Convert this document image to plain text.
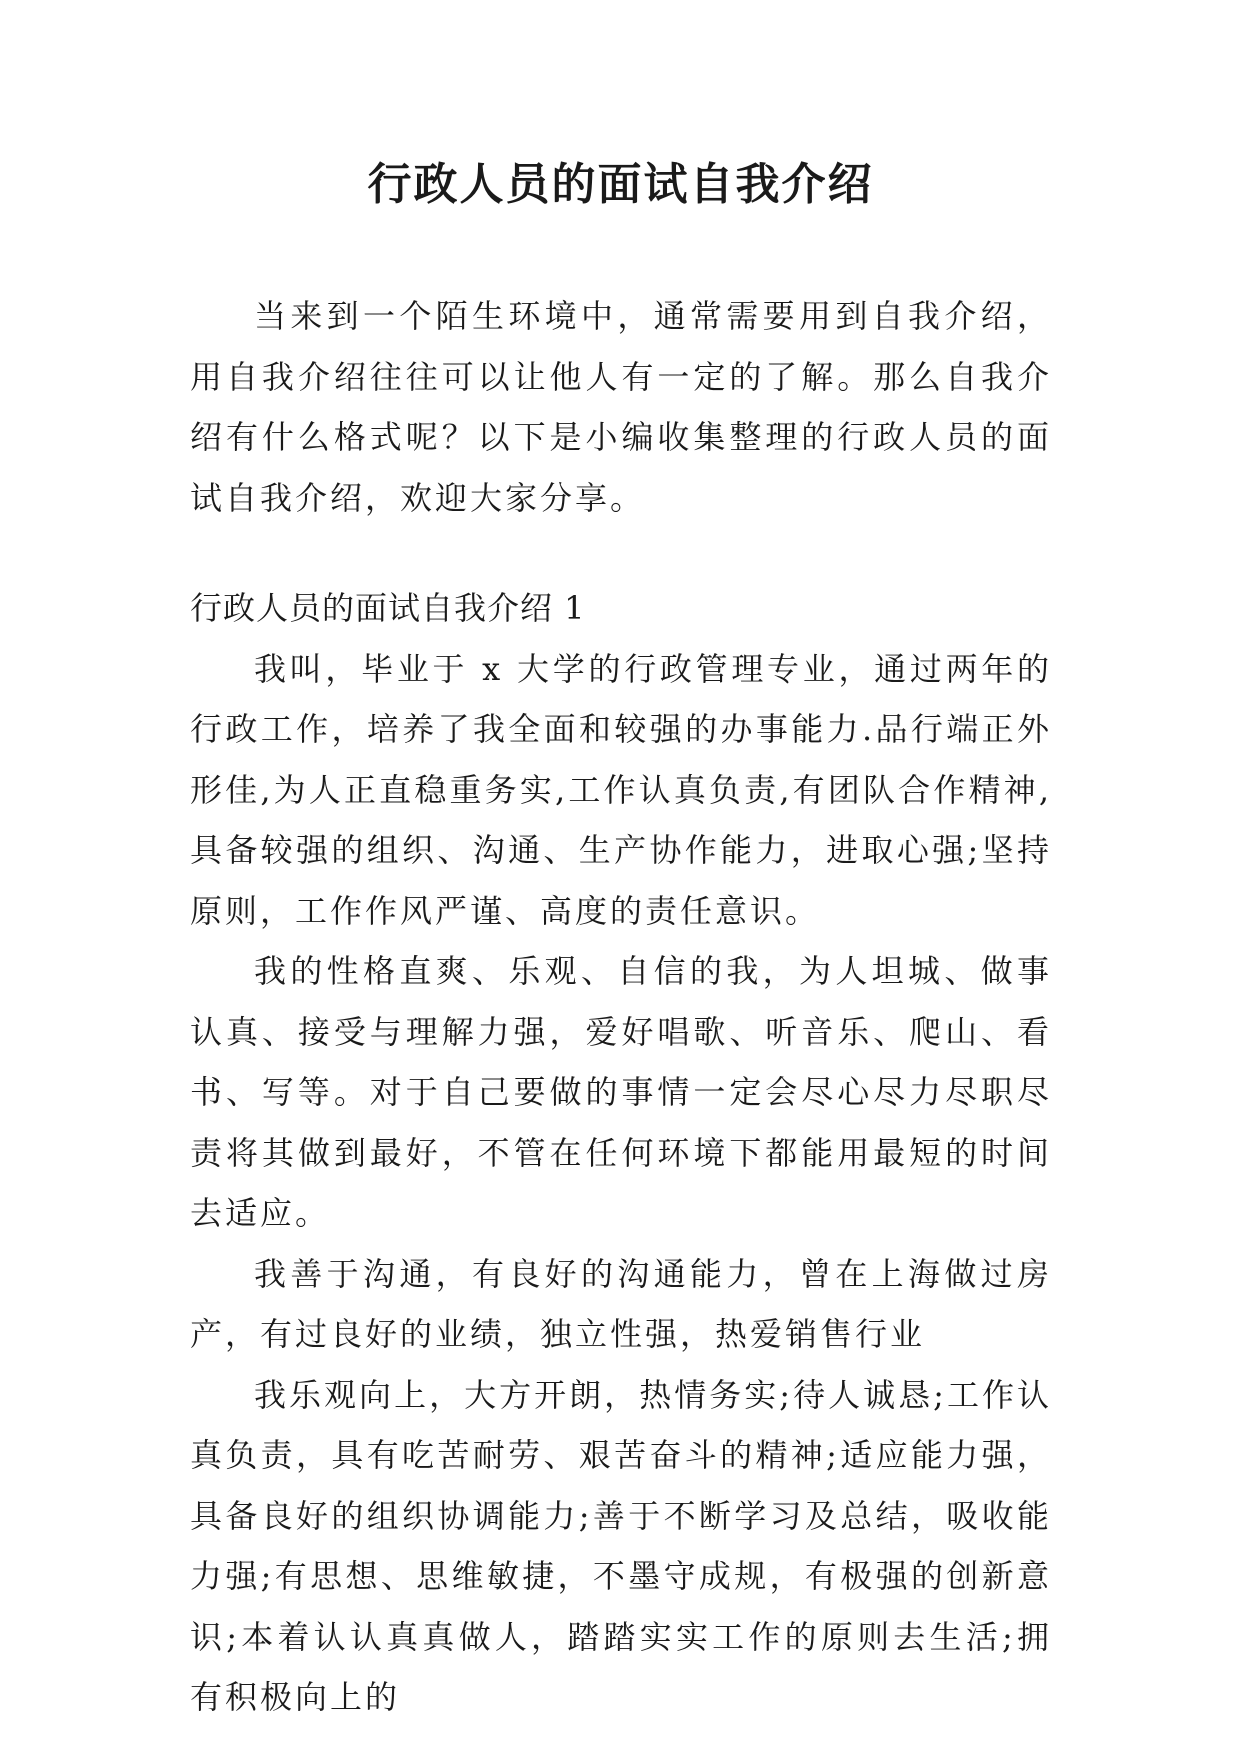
行政人员的面试自我介绍

当来到一个陌生环境中，通常需要用到自我介绍，用自我介绍往往可以让他人有一定的了解。那么自我介绍有什么格式呢？以下是小编收集整理的行政人员的面试自我介绍，欢迎大家分享。

行政人员的面试自我介绍 1

我叫，毕业于 x 大学的行政管理专业，通过两年的行政工作，培养了我全面和较强的办事能力.品行端正外形佳,为人正直稳重务实,工作认真负责,有团队合作精神,具备较强的组织、沟通、生产协作能力，进取心强;坚持原则，工作作风严谨、高度的责任意识。

我的性格直爽、乐观、自信的我，为人坦城、做事认真、接受与理解力强，爱好唱歌、听音乐、爬山、看书、写等。对于自己要做的事情一定会尽心尽力尽职尽责将其做到最好，不管在任何环境下都能用最短的时间去适应。

我善于沟通，有良好的沟通能力，曾在上海做过房产，有过良好的业绩，独立性强，热爱销售行业

我乐观向上，大方开朗，热情务实;待人诚恳;工作认真负责，具有吃苦耐劳、艰苦奋斗的精神;适应能力强，具备良好的组织协调能力;善于不断学习及总结，吸收能力强;有思想、思维敏捷，不墨守成规，有极强的创新意识;本着认认真真做人，踏踏实实工作的原则去生活;拥有积极向上的
